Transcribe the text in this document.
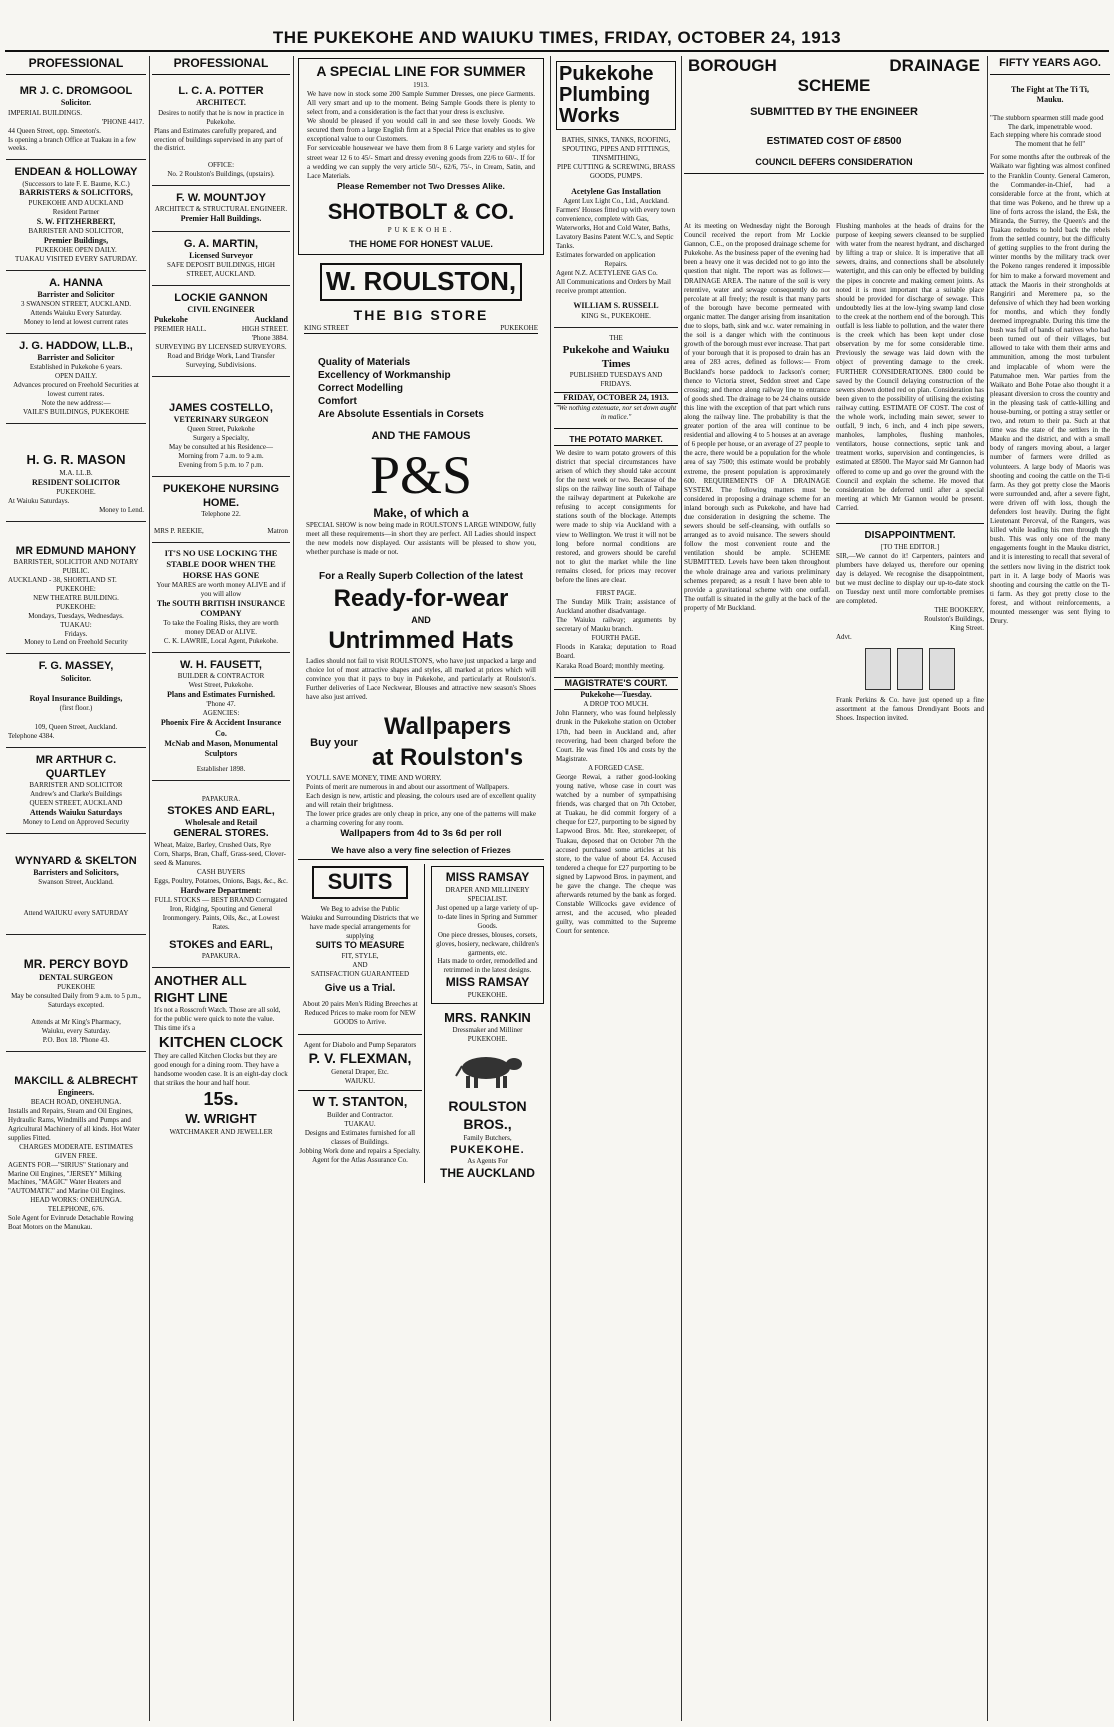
THE PUKEKOHE AND WAIUKU TIMES, FRIDAY, OCTOBER 24, 1913
PROFESSIONAL
MR J. C. DROMGOOL
Solicitor.
IMPERIAL BUILDINGS.
'PHONE 4417.
44 Queen Street, opp. Smeeton's.
Is opening a branch Office at Tuakau in a few weeks.
ENDEAN & HOLLOWAY
(Successors to late F. E. Baume, K.C.)
BARRISTERS & SOLICITORS,
PUKEKOHE AND AUCKLAND
Resident Partner
S. W. FITZHERBERT,
BARRISTER AND SOLICITOR,
Premier Buildings,
PUKEKOHE OPEN DAILY.
TUAKAU VISITED EVERY SATURDAY.
A. HANNA
Barrister and Solicitor
3 SWANSON STREET, AUCKLAND.
Attends Waiuku Every Saturday.
Money to lend at lowest current rates
J. G. HADDOW, LL.B.,
Barrister and Solicitor
Established in Pukekohe 6 years.
OPEN DAILY.
Advances procured on Freehold Securities at lowest current rates.
Note the new address:—
VAILE'S BUILDINGS, PUKEKOHE
H. G. R. MASON
M.A. LL.B.
RESIDENT SOLICITOR
PUKEKOHE.
At Waiuku Saturdays.
Money to Lend.
MR EDMUND MAHONY
BARRISTER, SOLICITOR AND NOTARY PUBLIC.
AUCKLAND - 38, SHORTLAND ST.
PUKEKOHE:
NEW THEATRE BUILDING.
PUKEKOHE:
Mondays, Tuesdays, Wednesdays.
TUAKAU:
Fridays.
Money to Lend on Freehold Security
F. G. MASSEY,
Solicitor.
Royal Insurance Buildings,
(first floor.)
109, Queen Street, Auckland.
Telephone 4384.
MR ARTHUR C. QUARTLEY
BARRISTER AND SOLICITOR
Andrew's and Clarke's Buildings
QUEEN STREET, AUCKLAND
Attends Waiuku Saturdays
Money to Lend on Approved Security
WYNYARD & SKELTON
Barristers and Solicitors,
Swanson Street, Auckland.
Attend WAIUKU every SATURDAY
MR. PERCY BOYD
DENTAL SURGEON
PUKEKOHE
May be consulted Daily from 9 a.m. to 5 p.m., Saturdays excepted.
Attends at Mr King's Pharmacy,
Waiuku, every Saturday.
P.O. Box 18. 'Phone 43.
MAKCILL & ALBRECHT
Engineers.
BEACH ROAD, ONEHUNGA.
Installs and Repairs, Steam and Oil Engines, Hydraulic Rams, Windmills and Pumps and Agricultural Machinery of all kinds. Hot Water supplies Fitted.
CHARGES MODERATE. ESTIMATES GIVEN FREE.
AGENTS FOR—"SIRIUS" Stationary and Marine Oil Engines, "JERSEY" Milking Machines, "MAGIC" Water Heaters and "AUTOMATIC" and Marine Oil Engines.
HEAD WORKS: ONEHUNGA.
TELEPHONE, 676.
Sole Agent for Evinrude Detachable Rowing Boat Motors on the Manukau.
PROFESSIONAL
L. C. A. POTTER
ARCHITECT.
Desires to notify that he is now in practice in Pukekohe.
Plans and Estimates carefully prepared, and erection of buildings supervised in any part of the district.
OFFICE:
No. 2 Roulston's Buildings, (upstairs).
F. W. MOUNTJOY
ARCHITECT & STRUCTURAL ENGINEER.
Premier Hall Buildings.
G. A. MARTIN,
Licensed Surveyor
SAFE DEPOSIT BUILDINGS, HIGH STREET, AUCKLAND.
LOCKIE GANNON
CIVIL ENGINEER
Pukekohe	Auckland
PREMIER HALL.	HIGH STREET.
'Phone 3884.
SURVEYING BY LICENSED SURVEYORS.
Road and Bridge Work, Land Transfer Surveying, Subdivisions.
JAMES COSTELLO,
VETERINARY SURGEON
Queen Street, Pukekohe
Surgery a Specialty,
May be consulted at his Residence—
Morning from 7 a.m. to 9 a.m.
Evening from 5 p.m. to 7 p.m.
PUKEKOHE NURSING HOME.
Telephone 22.
MRS P. REEKIE,	Matron
IT'S NO USE LOCKING THE STABLE DOOR WHEN THE HORSE HAS GONE
Your MARES are worth money ALIVE and if you will allow
The SOUTH BRITISH INSURANCE COMPANY
To take the Foaling Risks, they are worth money DEAD or ALIVE.
C. K. LAWRIE, Local Agent, Pukekohe.
W. H. FAUSETT,
BUILDER & CONTRACTOR
West Street, Pukekohe.
Plans and Estimates Furnished.
'Phone 47.
AGENCIES:
Phoenix Fire & Accident Insurance Co.
McNab and Mason, Monumental Sculptors
Establisher 1898.
PAPAKURA.
STOKES AND EARL,
Wholesale and Retail
GENERAL STORES.
Wheat, Maize, Barley, Crushed Oats, Rye Corn, Sharps, Bran, Chaff, Grass-seed, Clover-seed & Manures.
CASH BUYERS
Eggs, Poultry, Potatoes, Onions, Bags, &c., &c.
Hardware Department:
FULL STOCKS — BEST BRAND Corrugated Iron, Ridging, Spouting and General Ironmongery. Paints, Oils, &c., at Lowest Rates.
STOKES and EARL,
PAPAKURA.
ANOTHER ALL RIGHT LINE
It's not a Rosscroft Watch. Those are all sold, for the public were quick to note the value. This time it's a
KITCHEN CLOCK
They are called Kitchen Clocks but they are good enough for a dining room. They have a handsome wooden case. It is an eight-day clock that strikes the hour and half hour.
15s.
W. WRIGHT
WATCHMAKER AND JEWELLER
A SPECIAL LINE FOR SUMMER
1913.

We have now in stock some 200 Sample Summer Dresses, one piece Garments. All very smart and up to the moment. Being Sample Goods there is plenty to select from, and a consideration is the fact that your dress is exclusive.

We should be pleased if you would call in and see these lovely Goods. We secured them from a large English firm at a Special Price that enables us to give exceptional value to our Customers.

For serviceable housewear we have them from 8 6 Large variety and styles for street wear 12 6 to 45/- Smart and dressy evening goods from 22/6 to 60/-. If for a wedding we can supply the very article 50/-, 62/6, 75/-, in Cream, Satin, and Lace Materials.

Please Remember not Two Dresses Alike.
SHOTBOLT & CO.
PUKEKOHE.
THE HOME FOR HONEST VALUE.
W. ROULSTON,
THE BIG STORE
KING STREET	PUKEKOHE
Quality of Materials
Excellency of Workmanship
Correct Modelling
Comfort
Are Absolute Essentials in Corsets
AND THE FAMOUS
P&S
Make, of which a

SPECIAL SHOW is now being made in ROULSTON'S LARGE WINDOW, fully meet all these requirements—in short they are perfect. All Ladies should inspect the new models now displayed. Our assistants will be pleased to show you, whether purchase is made or not.

For a Really Superb Collection of the latest
Ready-for-wear
AND
Untrimmed Hats

Ladies should not fail to visit ROULSTON'S, who have just unpacked a large and choice lot of most attractive shapes and styles, all marked at prices which will convince you that it pays to buy in Pukekohe, and particularly at Roulston's. Further deliveries of Lace Neckwear, Blouses and attractive new season's Shoes have also just arrived.

Buy your
Wallpapers
at Roulston's

YOU'LL SAVE MONEY, TIME AND WORRY.

Points of merit are numerous in and about our assortment of Wallpapers.

Each design is new, artistic and pleasing, the colours used are of excellent quality and will retain their brightness.

The lower price grades are only cheap in price, any one of the patterns will make a charming covering for any room.

Wallpapers from 4d to 3s 6d per roll
We have also a very fine selection of Friezes
SUITS
We Beg to advise the Public
Waiuku and Surrounding Districts that we have made special arrangements for supplying
SUITS TO MEASURE
FIT, STYLE,
AND
SATISFACTION GUARANTEED
Give us a Trial.
About 20 pairs Men's Riding Breeches at Reduced Prices to make room for NEW GOODS to Arrive.
Agent for Diabolo and Pump Separators
P. V. FLEXMAN,
General Draper, Etc.
WAIUKU.
W T. STANTON,
Builder and Contractor.
TUAKAU.
Designs and Estimates furnished for all classes of Buildings.
Jobbing Work done and repairs a Specialty.
Agent for the Atlas Assurance Co.
MISS RAMSAY
DRAPER AND MILLINERY SPECIALIST.
Just opened up a large variety of up-to-date lines in Spring and Summer Goods.
One piece dresses, blouses, corsets, gloves, hosiery, neckware, children's garments, etc.
Hats made to order, remodelled and retrimmed in the latest designs.
MISS RAMSAY
PUKEKOHE.
MRS. RANKIN
Dressmaker and Milliner
PUKEKOHE.
ROULSTON BROS.,
Family Butchers,
PUKEKOHE.
As Agents For
THE AUCKLAND
Pukekohe Plumbing Works
BATHS, SINKS, TANKS, ROOFING, SPOUTING, PIPES AND FITTINGS, TINSMITHING,
PIPE CUTTING & SCREWING, BRASS GOODS, PUMPS.
Acetylene Gas Installation
Agent Lux Light Co., Ltd., Auckland.
Farmers' Houses fitted up with every town convenience, complete with Gas, Waterworks, Hot and Cold Water, Baths, Lavatory Basins Patent W.C.'s, and Septic Tanks.
Estimates forwarded on application
Repairs.
Agent N.Z. ACETYLENE GAS Co.
All Communications and Orders by Mail receive prompt attention.
WILLIAM S. RUSSELL
KING St., PUKEKOHE.
THE
Pukekohe and Waiuku Times
PUBLISHED TUESDAYS AND FRIDAYS.
FRIDAY, OCTOBER 24, 1913.
"We nothing extenuate, nor set down aught in malice."
THE POTATO MARKET.

We desire to warn potato growers of this district that special circumstances have arisen of which they should take account for the next week or two. Because of the slips on the railway line south of Taihape the railway department at Pukekohe are refusing to accept consignments for stations south of the blockage. Attempts were made to ship via Auckland with a view to Wellington. We trust it will not be long before normal conditions are restored, and growers should be careful not to glut the market while the line remains closed, for prices may recover before the lines are clear.

FIRST PAGE.

The Sunday Milk Train; assistance of Auckland another disadvantage.

The Waiuku railway; arguments by secretary of Mauku branch.

FOURTH PAGE.

Floods in Karaka; deputation to Road Board.

Karaka Road Board; monthly meeting.

MAGISTRATE'S COURT.
Pukekohe—Tuesday.
A DROP TOO MUCH.

John Flannery, who was found helplessly drunk in the Pukekohe station on October 17th, had been in Auckland and, after recovering, had been charged before the Court. He was fined 10s and costs by the Magistrate.

A FORGED CASE.

George Rewai, a rather good-looking young native, whose case in court was watched by a number of sympathising friends, was charged that on 7th October, at Tuakau, he did commit forgery of a cheque for £27, purporting to be signed by Lapwood Bros. Mr. Ree, storekeeper, of Tuakau, deposed that on October 7th the accused purchased some articles at his store, to the value of about £4. Accused tendered a cheque for £27 purporting to be signed by Lapwood Bros. in payment, and he gave the change. The cheque was afterwards returned by the bank as forged. Constable Willcocks gave evidence of arrest, and the accused, who pleaded guilty, was committed to the Supreme Court for sentence.

BOROUGH	DRAINAGE
SCHEME
SUBMITTED BY THE ENGINEER
ESTIMATED COST OF £8500
COUNCIL DEFERS CONSIDERATION

At its meeting on Wednesday night the Borough Council received the report from Mr Lockie Gannon, C.E., on the proposed drainage scheme for Pukekohe. As the business paper of the evening had been a heavy one it was decided not to go into the question that night. The report was as follows:— DRAINAGE AREA. The nature of the soil is very retentive, water and sewage consequently do not percolate at all freely; the result is that many parts of the borough have become permeated with organic matter. The danger arising from insanitation due to slops, bath, sink and w.c. water remaining in the soil is a danger which with the continuous growth of the borough must ever increase. That part of your borough that it is proposed to drain has an area of 283 acres, defined as follows:— From Buckland's horse paddock to Jackson's corner; thence to Victoria street, Seddon street and Cape crossing; and thence along railway line to entrance of goods shed. The drainage to be 24 chains outside this line with the exception of that part which runs along the railway line. The probability is that the greater portion of the area will continue to be residential and allowing 4 to 5 houses at an average of 6 people per house, or an average of 27 people to the acre, there would be a population for the whole area of say 7500; this estimate would be probably extreme, the present population is approximately 600. REQUIREMENTS OF A DRAINAGE SYSTEM. The following matters must be considered in proposing a drainage scheme for an inland borough such as Pukekohe, and have had due consideration in designing the scheme. The sewers should be self-cleansing, with outfalls so arranged as to avoid nuisance. The sewers should follow the most convenient route and the ventilation should be ample. SCHEME SUBMITTED. Levels have been taken throughout the whole drainage area and various preliminary schemes prepared; as a result I have been able to provide a gravitational scheme with one outfall. The outfall is situated in the gully at the back of the property of Mr Buckland.

Flushing manholes at the heads of drains for the purpose of keeping sewers cleansed to be supplied with water from the nearest hydrant, and discharged by lifting a trap or sluice. It is imperative that all sewers, drains, and connections shall be absolutely watertight, and this can only be effected by building the pipes in concrete and making cement joints. As noted it is most important that a suitable place should be provided for discharge of sewage. This undoubtedly lies at the low-lying swamp land close to the creek at the northern end of the borough. This outfall is less liable to pollution, and the water there is the creek which has been kept under close observation by me for some considerable time. Previously the sewage was laid down with the object of preventing damage to the creek. FURTHER CONSIDERATIONS. £800 could be saved by the Council delaying construction of the sewers shown dotted red on plan. Consideration has been given to the possibility of utilising the existing railway cutting. ESTIMATE OF COST. The cost of the whole work, including main sewer, sewer to outfall, 9 inch, 6 inch, and 4 inch pipe sewers, manholes, lampholes, flushing manholes, ventilators, house connections, septic tank and treatment works, supervision and contingencies, is estimated at £8500. The Mayor said Mr Gannon had offered to come up and go over the ground with the Council and explain the scheme. He moved that consideration be deferred until after a special meeting at which Mr Gannon would be present. Carried.

DISAPPOINTMENT.
[TO THE EDITOR.]

SIR,—We cannot do it! Carpenters, painters and plumbers have delayed us, therefore our opening day is delayed. We recognise the disappointment, but we must decline to display our up-to-date stock on Tuesday next until more comfortable premises are completed.

THE BOOKERY,
Roulston's Buildings,
King Street.
Advt.

Frank Perkins & Co. have just opened up a fine assortment at the famous Drendiyant Boots and Shoes. Inspection invited.

FIFTY YEARS AGO.
The Fight at The Ti Ti,
Mauku.
"The stubborn spearmen still made good
The dark, impenetrable wood.
Each stepping where his comrade stood
The moment that he fell"

For some months after the outbreak of the Waikato war fighting was almost confined to the Franklin County. General Cameron, the Commander-in-Chief, had a considerable force at the front, which at that time was Pokeno, and he threw up a line of forts across the island, the Esk, the Miranda, the Surrey, the Queen's and the Tuakau redoubts to hold back the rebels from the settled country, but the difficulty of getting supplies to the front during the winter months by the military track over the Pokeno ranges rendered it impossible for him to make a forward movement and attack the Maoris in their strongholds at Rangiriri and Meremere pa, so the defensive of which they had been working for months, and which they fondly deemed impregnable. During this time the bush was full of bands of natives who had been turned out of their villages, but allowed to take with them their arms and ammunition, among the most turbulent and implacable of whom were the Patumahoe men. War parties from the Waikato and Bohe Potae also thought it a pleasant diversion to cross the country and in the pleasing task of cattle-killing and house-burning, or potting a stray settler or two, and return to their pa. Such at that time was the state of the settlers in the Mauku and the district, and with a small body of rangers moving about, a larger number of farmers were drilled as volunteers. A large body of Maoris was shooting and cooing the cattle on the Ti-ti farm. As they got pretty close the Maoris were surrounded and, after a severe fight, were driven off with loss, though the defenders lost heavily. During the fight Lieutenant Perceval, of the Rangers, was killed while leading his men through the bush. This was only one of the many engagements fought in the Mauku district, and it is interesting to recall that several of the settlers now living in the district took part in it. A large body of Maoris was shooting and coursing the cattle on the Ti-ti farm. As they got pretty close to the forest, and without reinforcements, a mounted messenger was sent flying to Drury.
